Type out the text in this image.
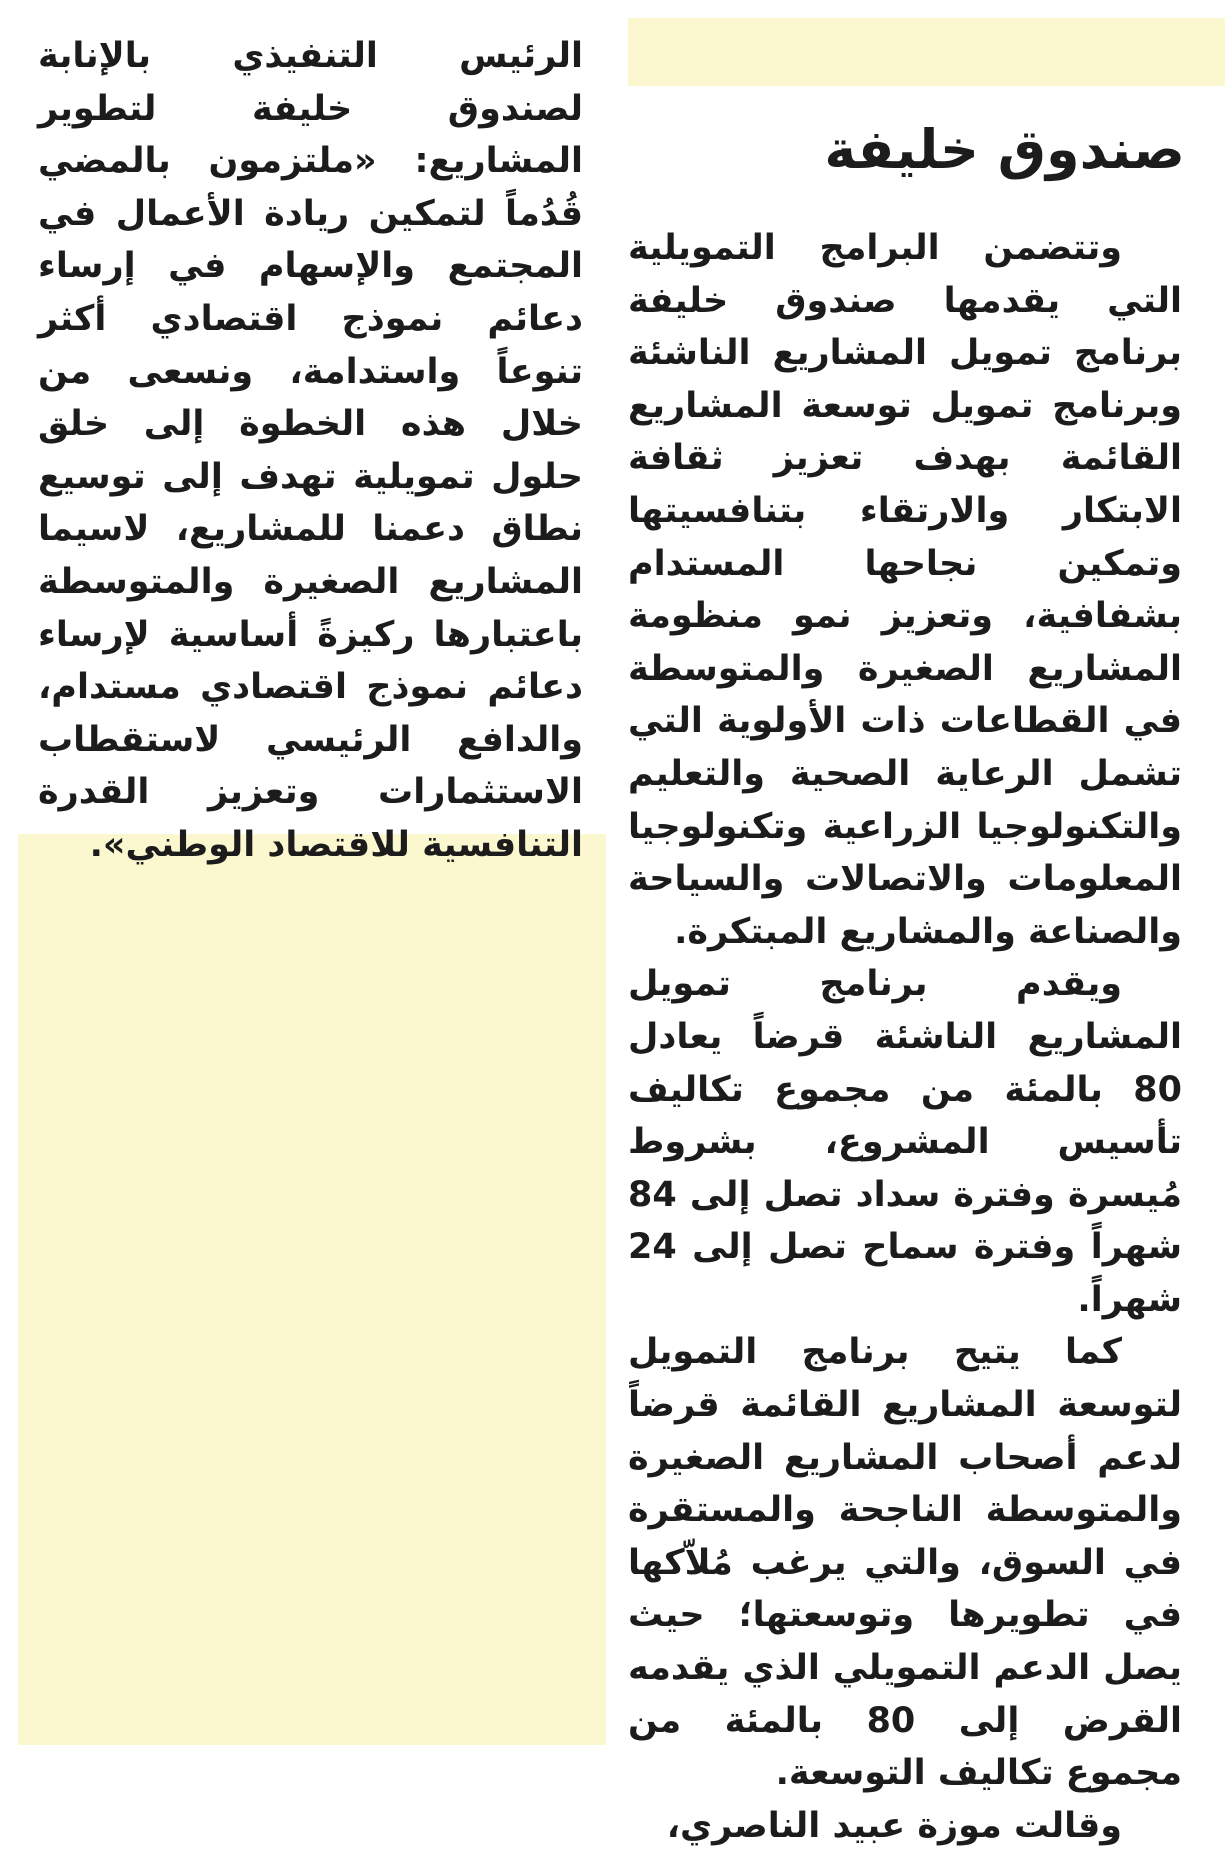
صندوق خليفة

وتتضمن البرامج التمويلية التي يقدمها صندوق خليفة برنامج تمويل المشاريع الناشئة وبرنامج تمويل توسعة المشاريع القائمة بهدف تعزيز ثقافة الابتكار والارتقاء بتنافسيتها وتمكين نجاحها المستدام بشفافية، وتعزيز نمو منظومة المشاريع الصغيرة والمتوسطة في القطاعات ذات الأولوية التي تشمل الرعاية الصحية والتعليم والتكنولوجيا الزراعية وتكنولوجيا المعلومات والاتصالات والسياحة والصناعة والمشاريع المبتكرة.

ويقدم برنامج تمويل المشاريع الناشئة قرضاً يعادل 80 بالمئة من مجموع تكاليف تأسيس المشروع، بشروط مُيسرة وفترة سداد تصل إلى 84 شهراً وفترة سماح تصل إلى 24 شهراً.

كما يتيح برنامج التمويل لتوسعة المشاريع القائمة قرضاً لدعم أصحاب المشاريع الصغيرة والمتوسطة الناجحة والمستقرة في السوق، والتي يرغب مُلاّكها في تطويرها وتوسعتها؛ حيث يصل الدعم التمويلي الذي يقدمه القرض إلى 80 بالمئة من مجموع تكاليف التوسعة.

وقالت موزة عبيد الناصري،

الرئيس التنفيذي بالإنابة لصندوق خليفة لتطوير المشاريع: «ملتزمون بالمضي قُدُماً لتمكين ريادة الأعمال في المجتمع والإسهام في إرساء دعائم نموذج اقتصادي أكثر تنوعاً واستدامة، ونسعى من خلال هذه الخطوة إلى خلق حلول تمويلية تهدف إلى توسيع نطاق دعمنا للمشاريع، لاسيما المشاريع الصغيرة والمتوسطة باعتبارها ركيزةً أساسية لإرساء دعائم نموذج اقتصادي مستدام، والدافع الرئيسي لاستقطاب الاستثمارات وتعزيز القدرة التنافسية للاقتصاد الوطني».
